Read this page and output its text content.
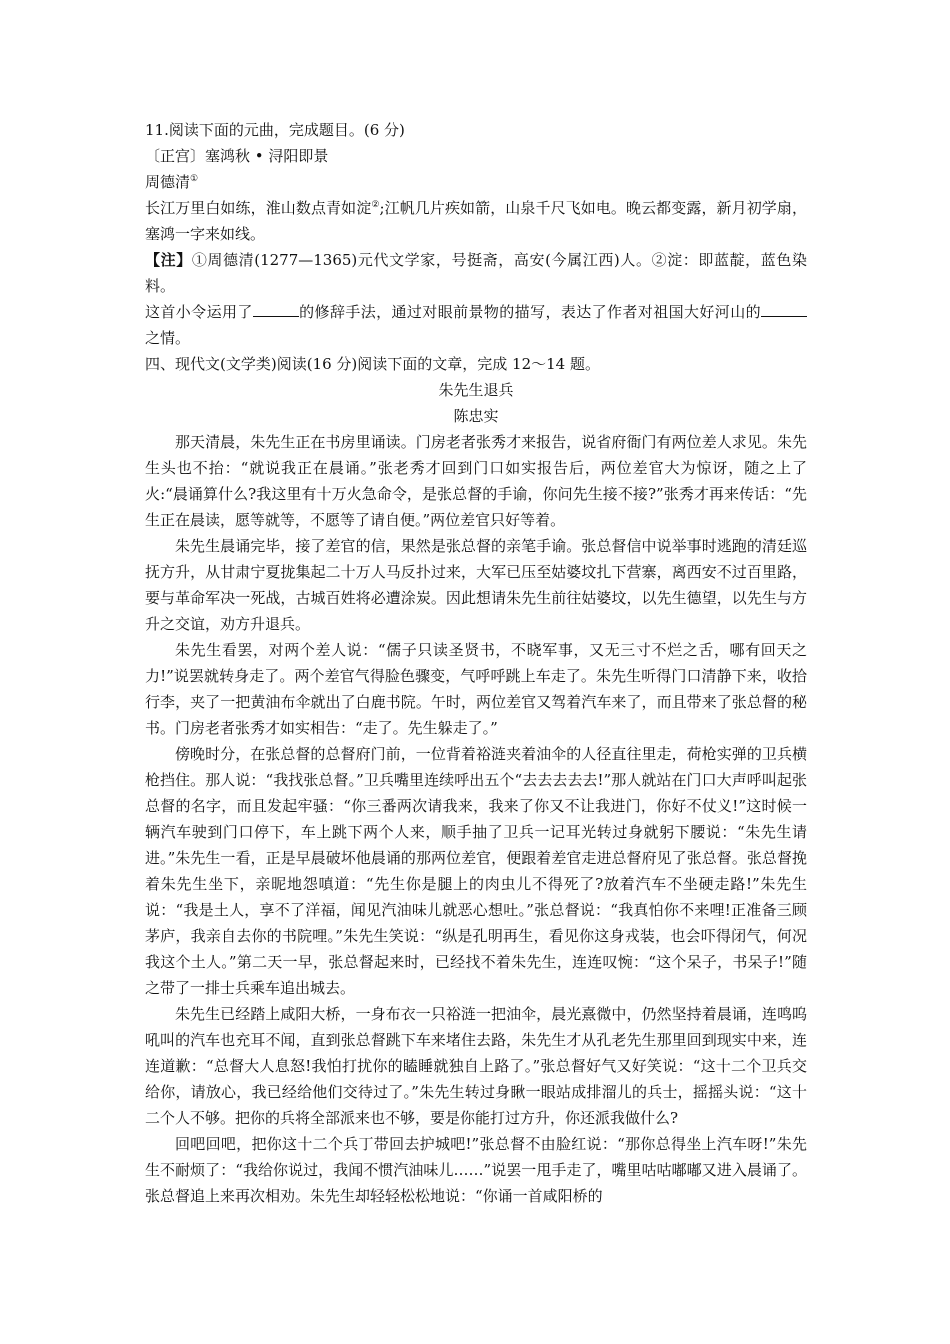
11.阅读下面的元曲，完成题目。(6 分)

〔正宫〕塞鸿秋 • 浔阳即景

周德清①

长江万里白如练，淮山数点青如淀②;江帆几片疾如箭，山泉千尺飞如电。晚云都变露，新月初学扇，塞鸿一字来如线。

【注】①周德清(1277—1365)元代文学家，号挺斋，高安(今属江西)人。②淀：即蓝靛，蓝色染料。

这首小令运用了	的修辞手法，通过对眼前景物的描写，表达了作者对祖国大好河山的之情。

四、现代文(文学类)阅读(16 分)阅读下面的文章，完成 12～14 题。

朱先生退兵

陈忠实

那天清晨，朱先生正在书房里诵读。门房老者张秀才来报告，说省府衙门有两位差人求见。朱先生头也不抬：“就说我正在晨诵。”张老秀才回到门口如实报告后，两位差官大为惊讶，随之上了火:“晨诵算什么?我这里有十万火急命令，是张总督的手谕，你问先生接不接?”张秀才再来传话：“先生正在晨读，愿等就等，不愿等了请自便。”两位差官只好等着。

朱先生晨诵完毕，接了差官的信，果然是张总督的亲笔手谕。张总督信中说举事时逃跑的清廷巡抚方升，从甘肃宁夏拢集起二十万人马反扑过来，大军已压至姑婆坟扎下营寨，离西安不过百里路，要与革命军决一死战，古城百姓将必遭涂炭。因此想请朱先生前往姑婆坟，以先生德望，以先生与方升之交谊，劝方升退兵。

朱先生看罢，对两个差人说：“儒子只读圣贤书，不晓军事，又无三寸不烂之舌，哪有回天之力!”说罢就转身走了。两个差官气得脸色骤变，气呼呼跳上车走了。朱先生听得门口清静下来，收拾行李，夹了一把黄油布伞就出了白鹿书院。午时，两位差官又驾着汽车来了，而且带来了张总督的秘书。门房老者张秀才如实相告：“走了。先生躲走了。”

傍晚时分，在张总督的总督府门前，一位背着裕涟夹着油伞的人径直往里走，荷枪实弹的卫兵横枪挡住。那人说：“我找张总督。”卫兵嘴里连续呼出五个“去去去去去!”那人就站在门口大声呼叫起张总督的名字，而且发起牢骚：“你三番两次请我来，我来了你又不让我进门，你好不仗义!”这时候一辆汽车驶到门口停下，车上跳下两个人来，顺手抽了卫兵一记耳光转过身就躬下腰说：“朱先生请进。”朱先生一看，正是早晨破坏他晨诵的那两位差官，便跟着差官走进总督府见了张总督。张总督挽着朱先生坐下，亲昵地怨嗔道：“先生你是腿上的肉虫儿不得死了?放着汽车不坐硬走路!”朱先生说：“我是土人，享不了洋福，闻见汽油味儿就恶心想吐。”张总督说：“我真怕你不来哩!正准备三顾茅庐，我亲自去你的书院哩。”朱先生笑说：“纵是孔明再生，看见你这身戎装，也会吓得闭气，何况我这个土人。”第二天一早，张总督起来时，已经找不着朱先生，连连叹惋：“这个呆子，书呆子!”随之带了一排士兵乘车追出城去。

朱先生已经踏上咸阳大桥，一身布衣一只裕涟一把油伞，晨光熹微中，仍然坚持着晨诵，连鸣呜吼叫的汽车也充耳不闻，直到张总督跳下车来堵住去路，朱先生才从孔老先生那里回到现实中来，连连道歉：“总督大人息怒!我怕打扰你的瞌睡就独自上路了。”张总督好气又好笑说：“这十二个卫兵交给你，请放心，我已经给他们交待过了。”朱先生转过身瞅一眼站成排溜儿的兵士，摇摇头说：“这十二个人不够。把你的兵将全部派来也不够，要是你能打过方升，你还派我做什么?

回吧回吧，把你这十二个兵丁带回去护城吧!”张总督不由脸红说：“那你总得坐上汽车呀!”朱先生不耐烦了：“我给你说过，我闻不惯汽油味儿……”说罢一甩手走了，嘴里咕咕嘟嘟又进入晨诵了。张总督追上来再次相劝。朱先生却轻轻松松地说：“你诵一首咸阳桥的
